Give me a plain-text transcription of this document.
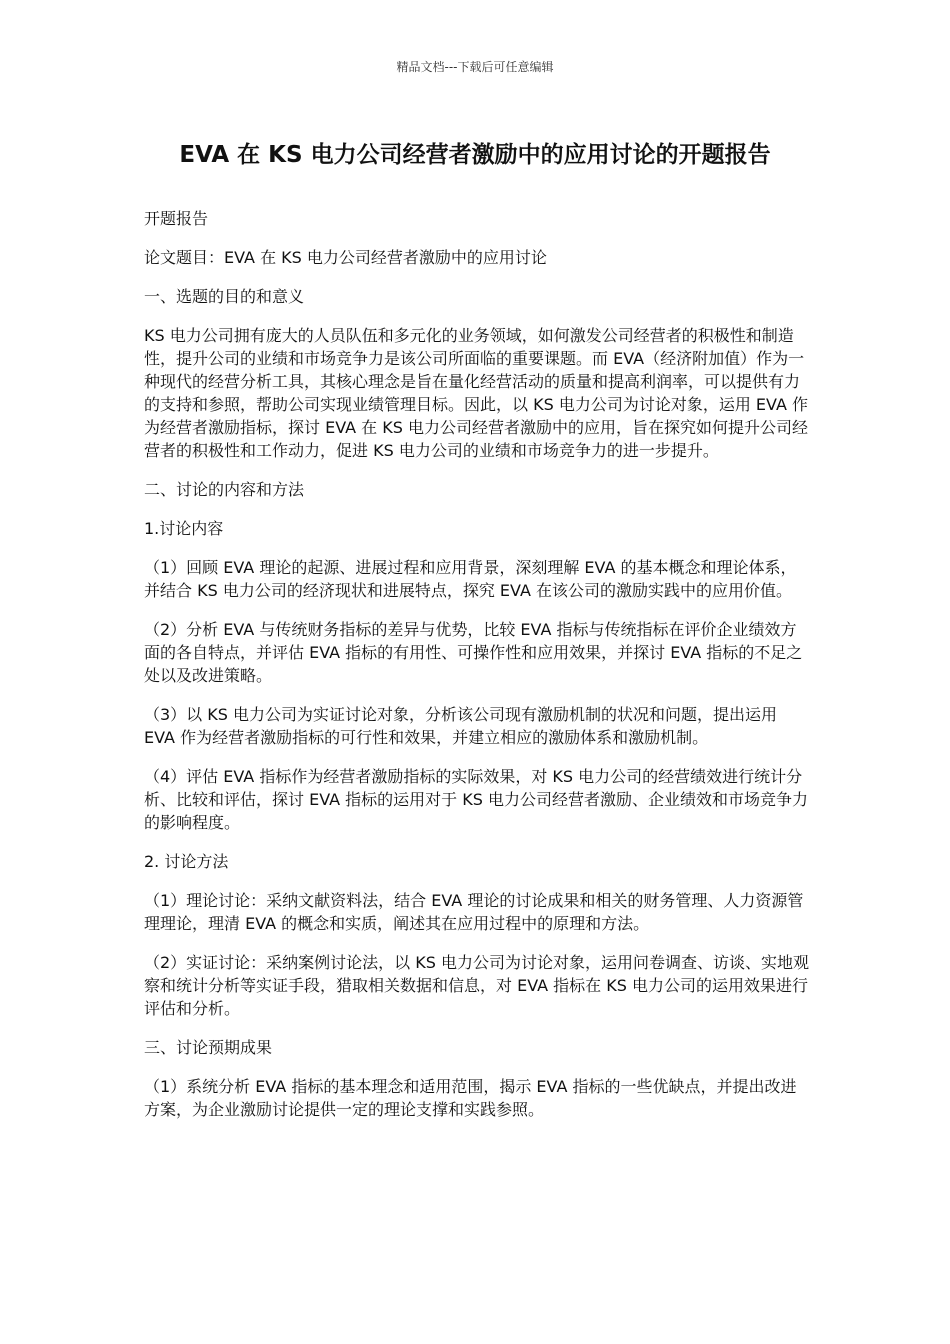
精品文档---下载后可任意编辑
EVA 在 KS 电力公司经营者激励中的应用讨论的开题报告

开题报告

论文题目：EVA 在 KS 电力公司经营者激励中的应用讨论

一、选题的目的和意义

KS 电力公司拥有庞大的人员队伍和多元化的业务领域，如何激发公司经营者的积极性和制造性，提升公司的业绩和市场竞争力是该公司所面临的重要课题。而 EVA（经济附加值）作为一种现代的经营分析工具，其核心理念是旨在量化经营活动的质量和提高利润率，可以提供有力的支持和参照，帮助公司实现业绩管理目标。因此，以 KS 电力公司为讨论对象，运用 EVA 作为经营者激励指标，探讨 EVA 在 KS 电力公司经营者激励中的应用，旨在探究如何提升公司经营者的积极性和工作动力，促进 KS 电力公司的业绩和市场竞争力的进一步提升。

二、讨论的内容和方法

1.讨论内容

（1）回顾 EVA 理论的起源、进展过程和应用背景，深刻理解 EVA 的基本概念和理论体系，并结合 KS 电力公司的经济现状和进展特点，探究 EVA 在该公司的激励实践中的应用价值。

（2）分析 EVA 与传统财务指标的差异与优势，比较 EVA 指标与传统指标在评价企业绩效方面的各自特点，并评估 EVA 指标的有用性、可操作性和应用效果，并探讨 EVA 指标的不足之处以及改进策略。

（3）以 KS 电力公司为实证讨论对象，分析该公司现有激励机制的状况和问题，提出运用 EVA 作为经营者激励指标的可行性和效果，并建立相应的激励体系和激励机制。

（4）评估 EVA 指标作为经营者激励指标的实际效果，对 KS 电力公司的经营绩效进行统计分析、比较和评估，探讨 EVA 指标的运用对于 KS 电力公司经营者激励、企业绩效和市场竞争力的影响程度。

2. 讨论方法

（1）理论讨论：采纳文献资料法，结合 EVA 理论的讨论成果和相关的财务管理、人力资源管理理论，理清 EVA 的概念和实质，阐述其在应用过程中的原理和方法。

（2）实证讨论：采纳案例讨论法，以 KS 电力公司为讨论对象，运用问卷调查、访谈、实地观察和统计分析等实证手段，猎取相关数据和信息，对 EVA 指标在 KS 电力公司的运用效果进行评估和分析。

三、讨论预期成果

（1）系统分析 EVA 指标的基本理念和适用范围，揭示 EVA 指标的一些优缺点，并提出改进方案，为企业激励讨论提供一定的理论支撑和实践参照。
